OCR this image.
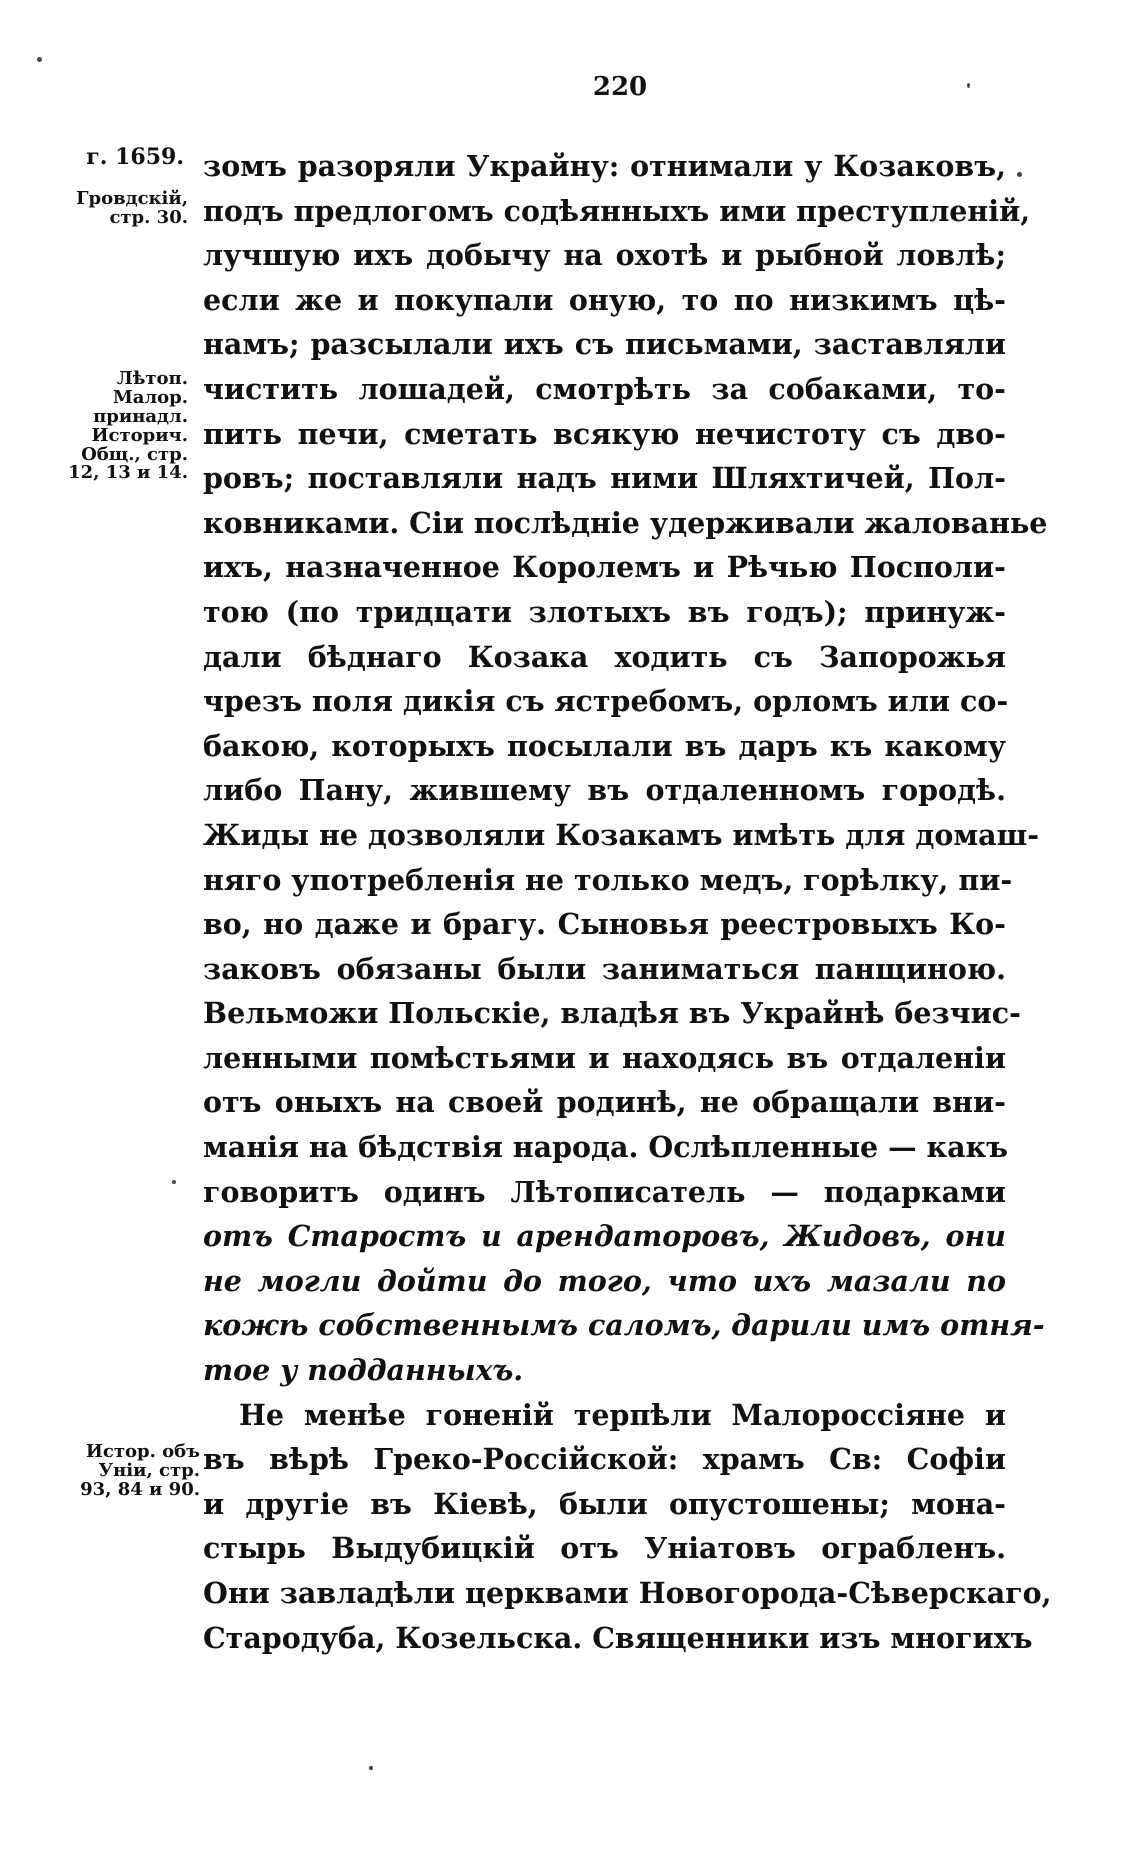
220
г. 1659.
Гровдскій,
стр. 30.
Лѣтоп.
Малор.
принадл.
Историч.
Общ., стр.
12, 13 и 14.
Истор. объ
Уніи, стр.
93, 84 и 90.
зомъ разоряли Украйну: отнимали у Козаковъ,
подъ предлогомъ содѣянныхъ ими преступленій,
лучшую ихъ добычу на охотѣ и рыбной ловлѣ;
если же и покупали оную, то по низкимъ цѣ-
намъ; разсылали ихъ съ письмами, заставляли
чистить лошадей, смотрѣть за собаками, то-
пить печи, сметать всякую нечистоту съ дво-
ровъ; поставляли надъ ними Шляхтичей, Пол-
ковниками. Сіи послѣдніе удерживали жалованье
ихъ, назначенное Королемъ и Рѣчью Посполи-
тою (по тридцати злотыхъ въ годъ); принуж-
дали бѣднаго Козака ходить съ Запорожья
чрезъ поля дикія съ ястребомъ, орломъ или со-
бакою, которыхъ посылали въ даръ къ какому
либо Пану, жившему въ отдаленномъ городѣ.
Жиды не дозволяли Козакамъ имѣть для домаш-
няго употребленія не только медъ, горѣлку, пи-
во, но даже и брагу. Сыновья реестровыхъ Ко-
заковъ обязаны были заниматься панщиною.
Вельможи Польскіе, владѣя въ Украйнѣ безчис-
ленными помѣстьями и находясь въ отдаленіи
отъ оныхъ на своей родинѣ, не обращали вни-
манія на бѣдствія народа. Ослѣпленные — какъ
говоритъ одинъ Лѣтописатель — подарками
отъ Старостъ и арендаторовъ, Жидовъ, они
не могли дойти до того, что ихъ мазали по
кожѣ собственнымъ саломъ, дарили имъ отня-
тое у подданныхъ.
Не менѣе гоненій терпѣли Малороссіяне и
въ вѣрѣ Греко-Россійской: храмъ Св: Софіи
и другіе въ Кіевѣ, были опустошены; мона-
стырь Выдубицкій отъ Уніатовъ ограбленъ.
Они завладѣли церквами Новогорода-Сѣверскаго,
Стародуба, Козельска. Священники изъ многихъ
